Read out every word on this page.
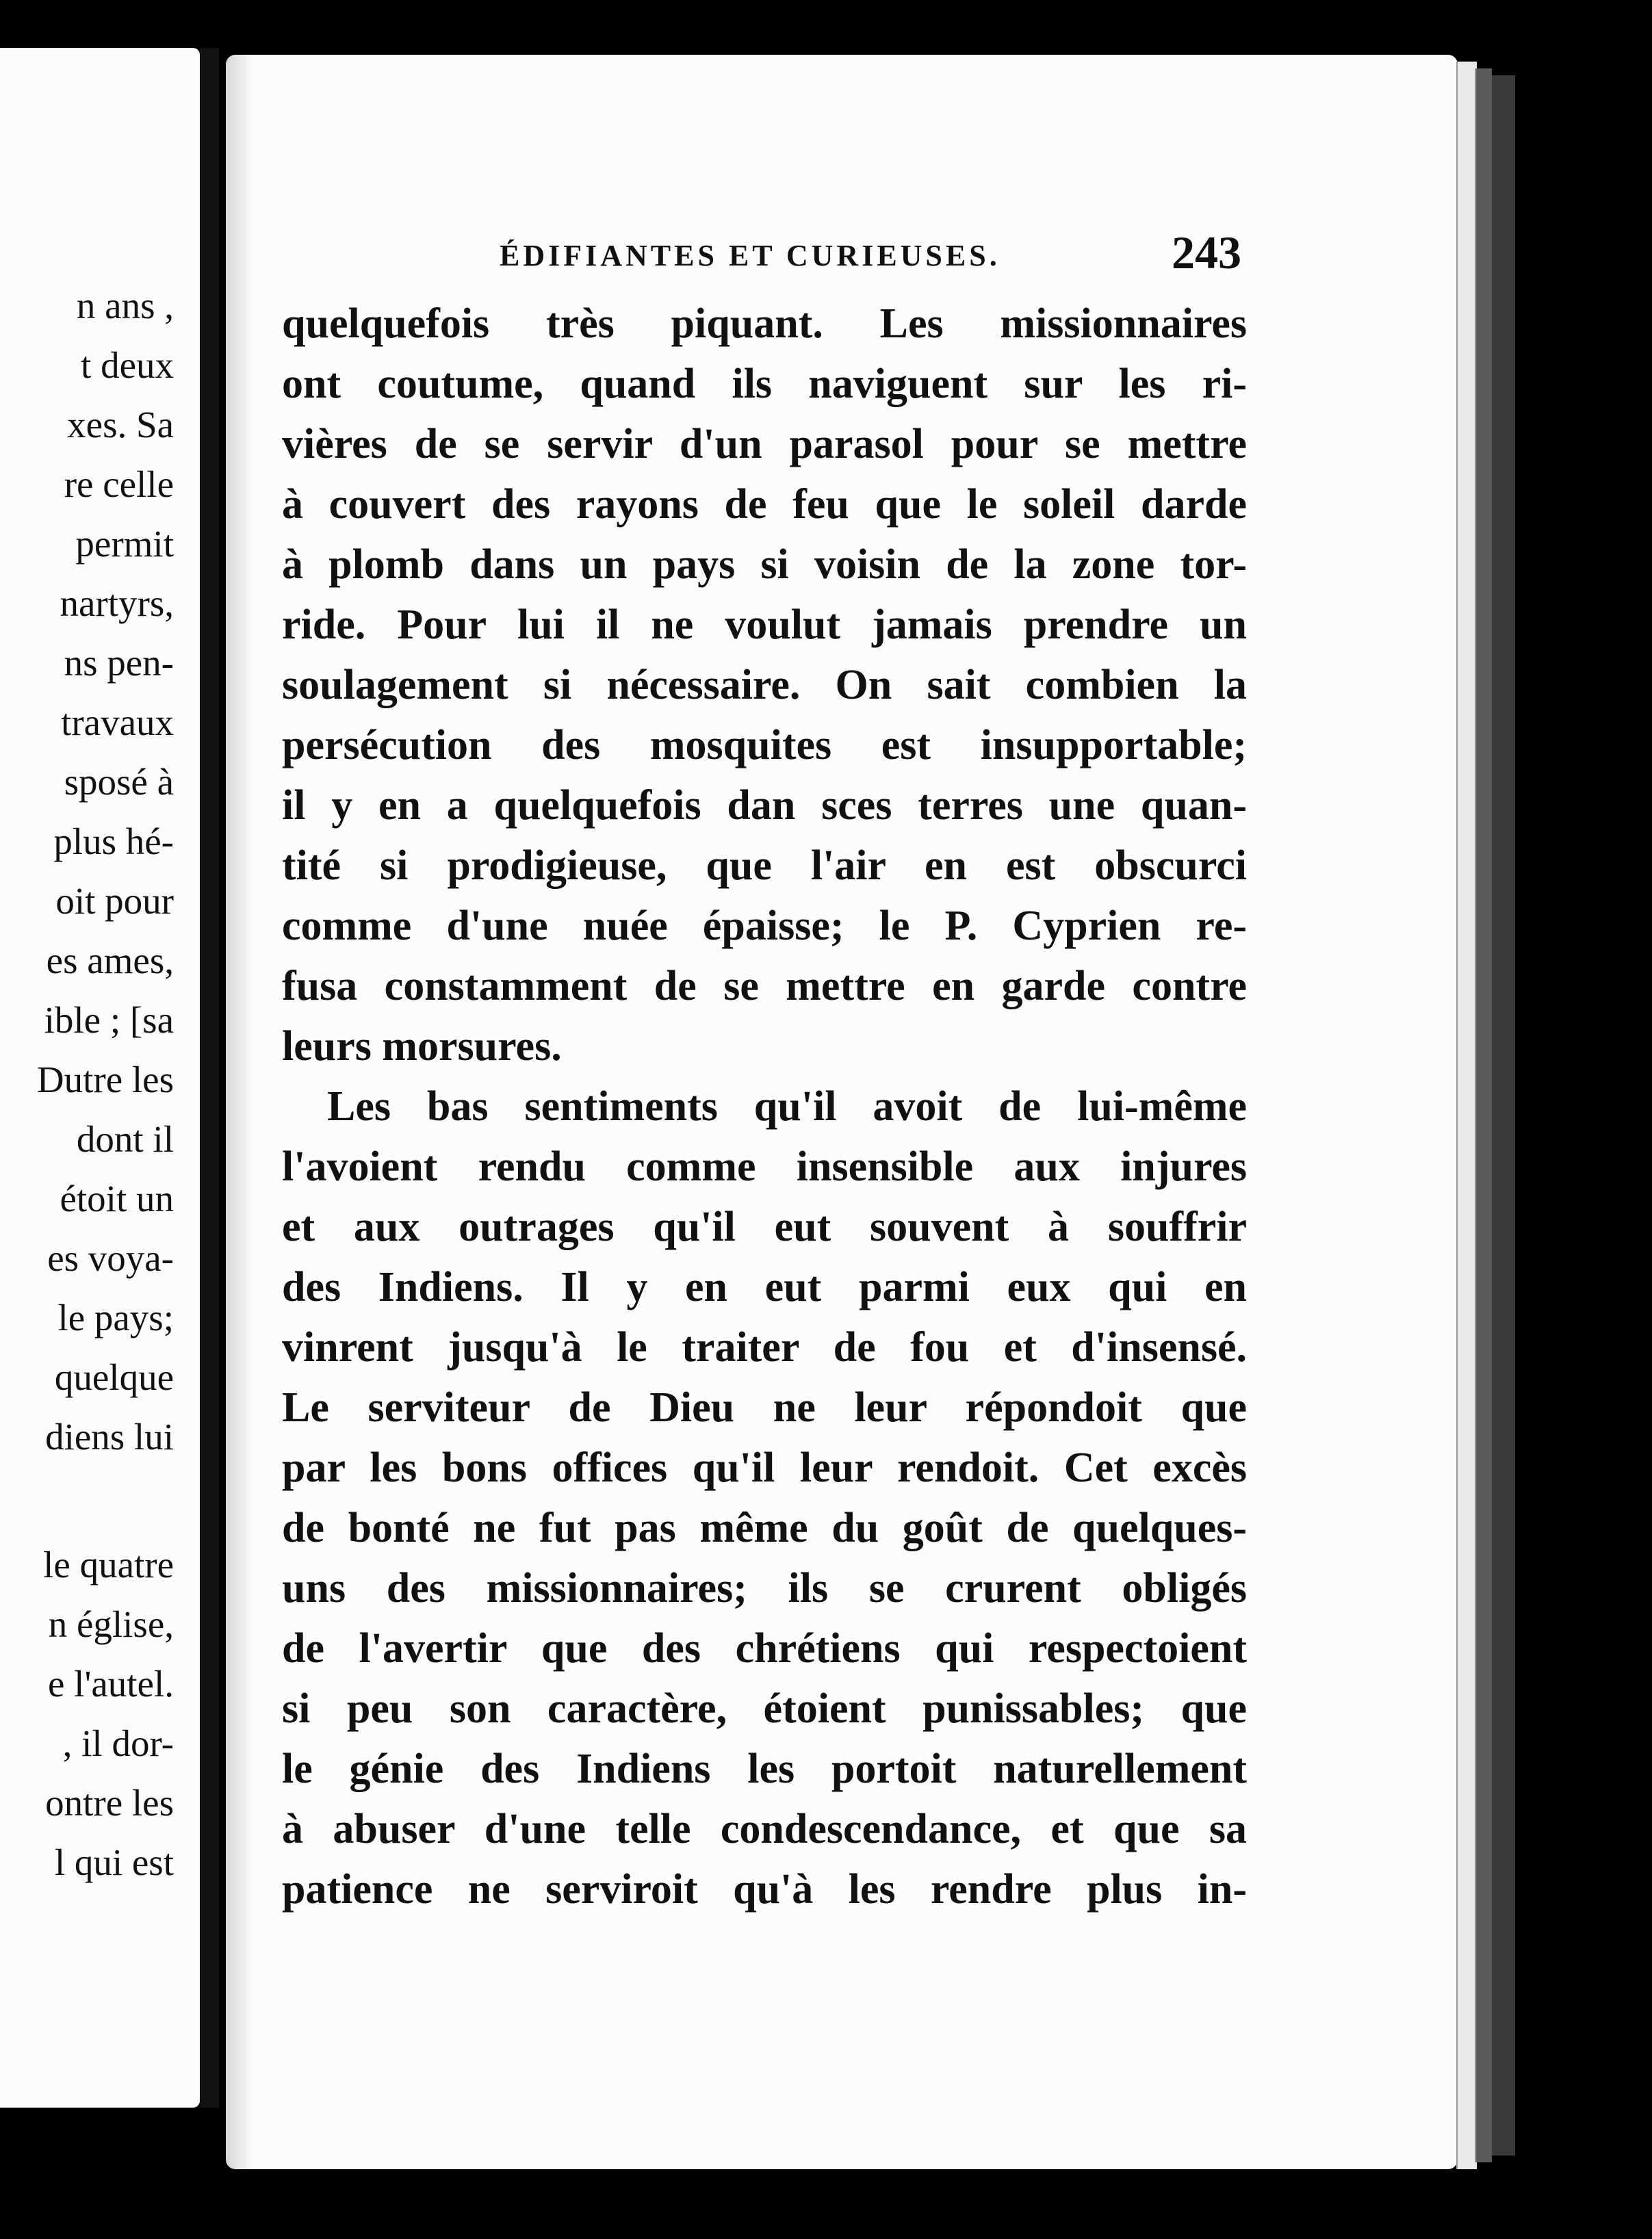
n ans ,
t deux
xes. Sa
re celle
permit
nartyrs,
ns pen-
travaux
sposé à
plus hé-
oit pour
es ames,
ible ; [sa
Dutre les
dont il
étoit un
es voya-
le pays;
quelque
diens lui
le quatre
n église,
e l'autel.
, il dor-
ontre les
l qui est
ÉDIFIANTES ET CURIEUSES.	243
quelquefois très piquant. Les missionnaires
ont coutume, quand ils naviguent sur les ri-
vières de se servir d'un parasol pour se mettre
à couvert des rayons de feu que le soleil darde
à plomb dans un pays si voisin de la zone tor-
ride. Pour lui il ne voulut jamais prendre un
soulagement si nécessaire. On sait combien la
persécution des mosquites est insupportable;
il y en a quelquefois dan sces terres une quan-
tité si prodigieuse, que l'air en est obscurci
comme d'une nuée épaisse; le P. Cyprien re-
fusa constamment de se mettre en garde contre
leurs morsures.
Les bas sentiments qu'il avoit de lui-même
l'avoient rendu comme insensible aux injures
et aux outrages qu'il eut souvent à souffrir
des Indiens. Il y en eut parmi eux qui en
vinrent jusqu'à le traiter de fou et d'insensé.
Le serviteur de Dieu ne leur répondoit que
par les bons offices qu'il leur rendoit. Cet excès
de bonté ne fut pas même du goût de quelques-
uns des missionnaires; ils se crurent obligés
de l'avertir que des chrétiens qui respectoient
si peu son caractère, étoient punissables; que
le génie des Indiens les portoit naturellement
à abuser d'une telle condescendance, et que sa
patience ne serviroit qu'à les rendre plus in-
